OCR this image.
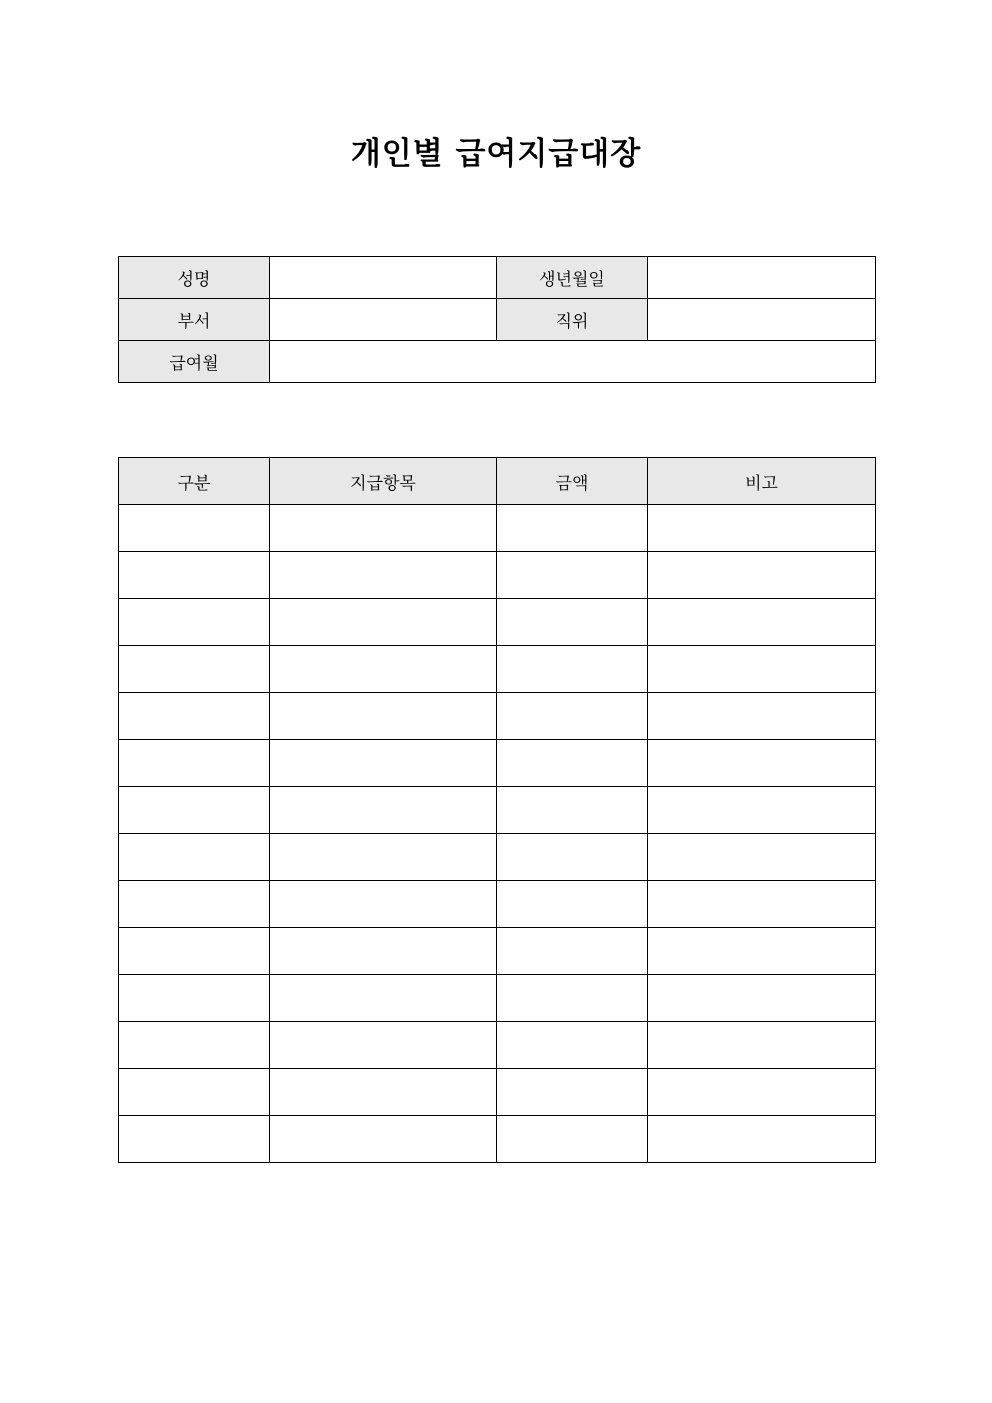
개인별 급여지급대장
성명		생년월일	
부서		직위	
급여월			
구분	지급항목	금액	비고
